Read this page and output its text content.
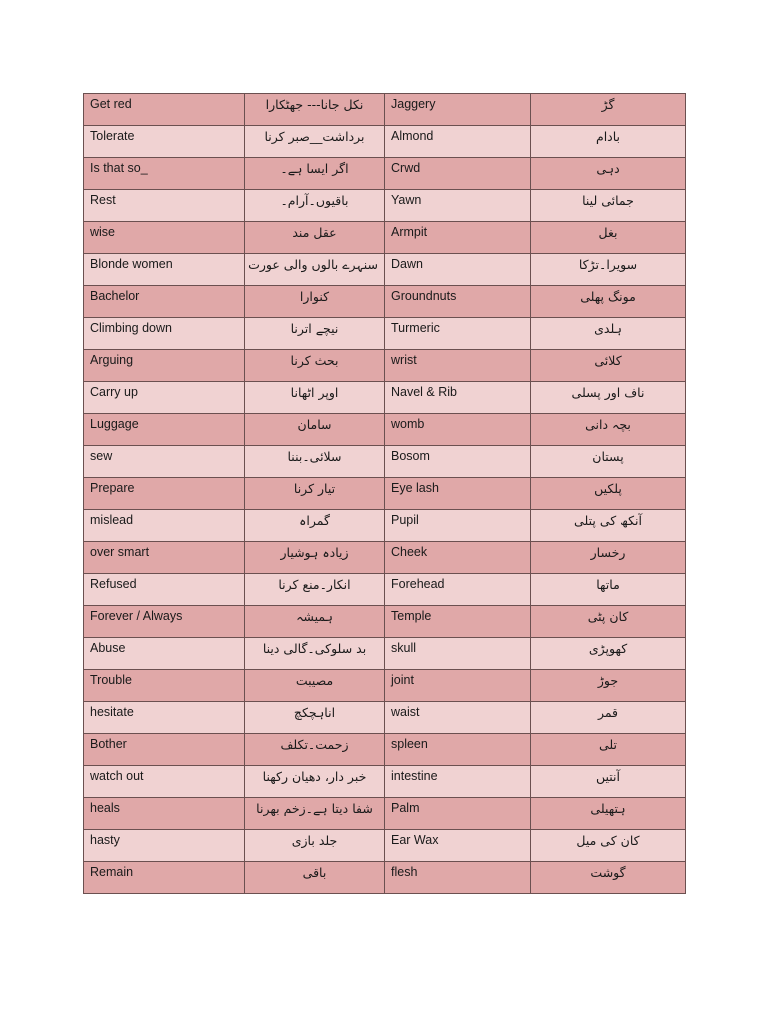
Get red	نکل جانا--- جھٹکارا	Jaggery	گڑ
Tolerate	برداشت__صبر کرنا	Almond	بادام
Is that so_	اگر ایسا ہے۔	Crwd	دہی
Rest	باقیوں۔آرام۔	Yawn	جمائی لینا
wise	عقل مند	Armpit	بغل
Blonde women	سنہرے بالوں والی عورت	Dawn	سویرا۔تڑکا
Bachelor	کنوارا	Groundnuts	مونگ پھلی
Climbing down	نیچے اترنا	Turmeric	ہلدی
Arguing	بحث کرنا	wrist	کلائی
Carry up	اوپر اٹھانا	Navel & Rib	ناف اور پسلی
Luggage	سامان	womb	بچہ دانی
sew	سلائی۔بننا	Bosom	پستان
Prepare	تیار کرنا	Eye lash	پلکیں
mislead	گمراہ	Pupil	آنکھ کی پتلی
over smart	زیادہ ہوشیار	Cheek	رخسار
Refused	انکار۔منع کرنا	Forehead	ماتھا
Forever / Always	ہمیشہ	Temple	کان پٹی
Abuse	بد سلوکی۔گالی دینا	skull	کھوپڑی
Trouble	مصیبت	joint	جوڑ
hesitate	اناہچکچ	waist	قمر
Bother	زحمت۔تکلف	spleen	تلی
watch out	خبر دار، دھیان رکھنا	intestine	آنتیں
heals	شفا دیتا ہے۔زخم بھرنا	Palm	ہتھیلی
hasty	جلد بازی	Ear Wax	کان کی میل
Remain	باقی	flesh	گوشت
